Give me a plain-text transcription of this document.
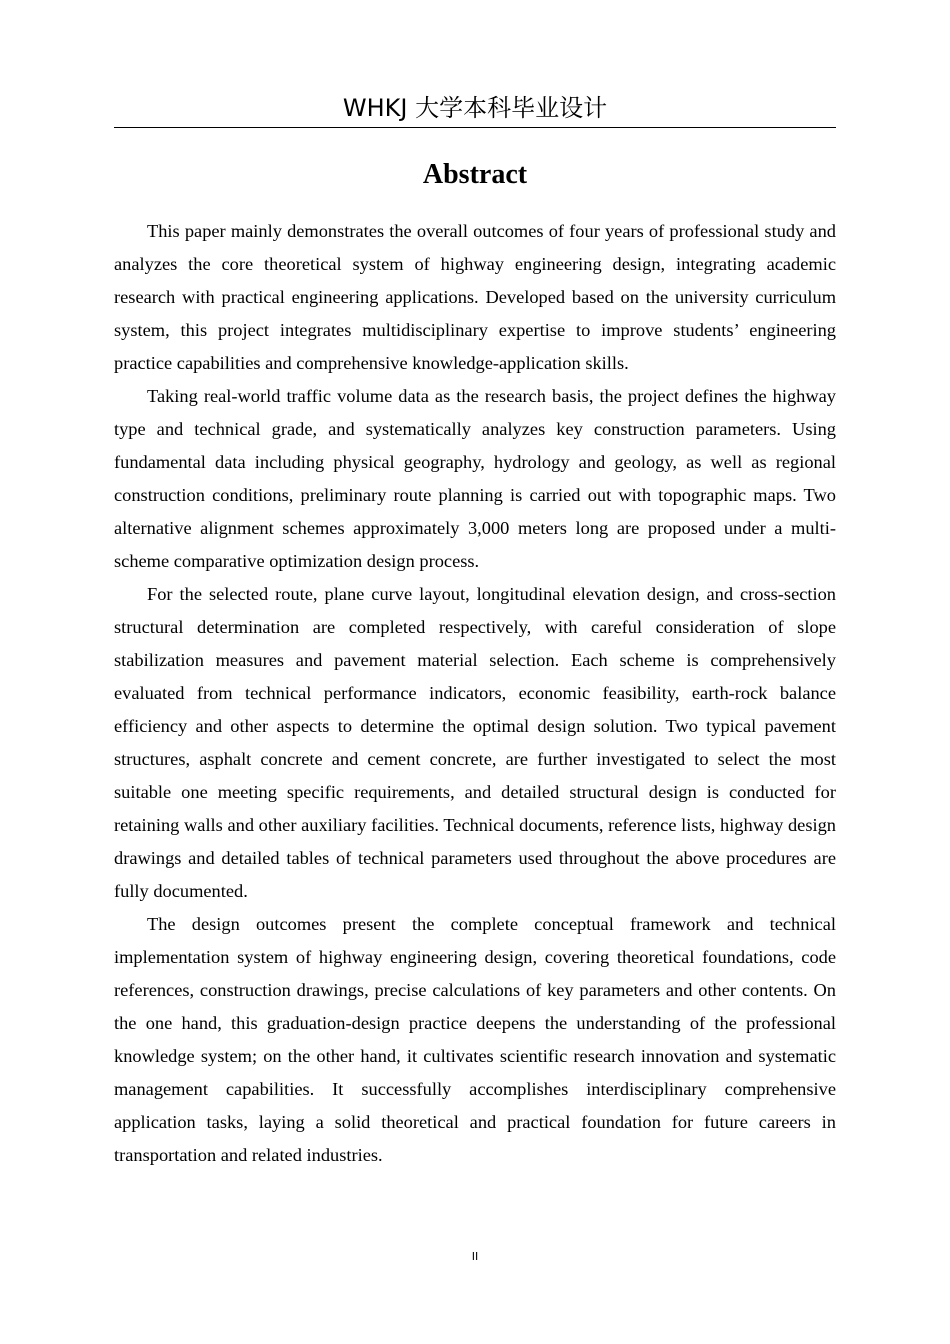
WHKJ 大学本科毕业设计
Abstract

This paper mainly demonstrates the overall outcomes of four years of professional study and analyzes the core theoretical system of highway engineering design, integrating academic research with practical engineering applications. Developed based on the university curriculum system, this project integrates multidisciplinary expertise to improve students’ engineering practice capabilities and comprehensive knowledge-application skills.

Taking real-world traffic volume data as the research basis, the project defines the highway type and technical grade, and systematically analyzes key construction parameters. Using fundamental data including physical geography, hydrology and geology, as well as regional construction conditions, preliminary route planning is carried out with topographic maps. Two alternative alignment schemes approximately 3,000 meters long are proposed under a multi-scheme comparative optimization design process.

For the selected route, plane curve layout, longitudinal elevation design, and cross-section structural determination are completed respectively, with careful consideration of slope stabilization measures and pavement material selection. Each scheme is comprehensively evaluated from technical performance indicators, economic feasibility, earth-rock balance efficiency and other aspects to determine the optimal design solution. Two typical pavement structures, asphalt concrete and cement concrete, are further investigated to select the most suitable one meeting specific requirements, and detailed structural design is conducted for retaining walls and other auxiliary facilities. Technical documents, reference lists, highway design drawings and detailed tables of technical parameters used throughout the above procedures are fully documented.

The design outcomes present the complete conceptual framework and technical implementation system of highway engineering design, covering theoretical foundations, code references, construction drawings, precise calculations of key parameters and other contents. On the one hand, this graduation-design practice deepens the understanding of the professional knowledge system; on the other hand, it cultivates scientific research innovation and systematic management capabilities. It successfully accomplishes interdisciplinary comprehensive application tasks, laying a solid theoretical and practical foundation for future careers in transportation and related industries.

II
